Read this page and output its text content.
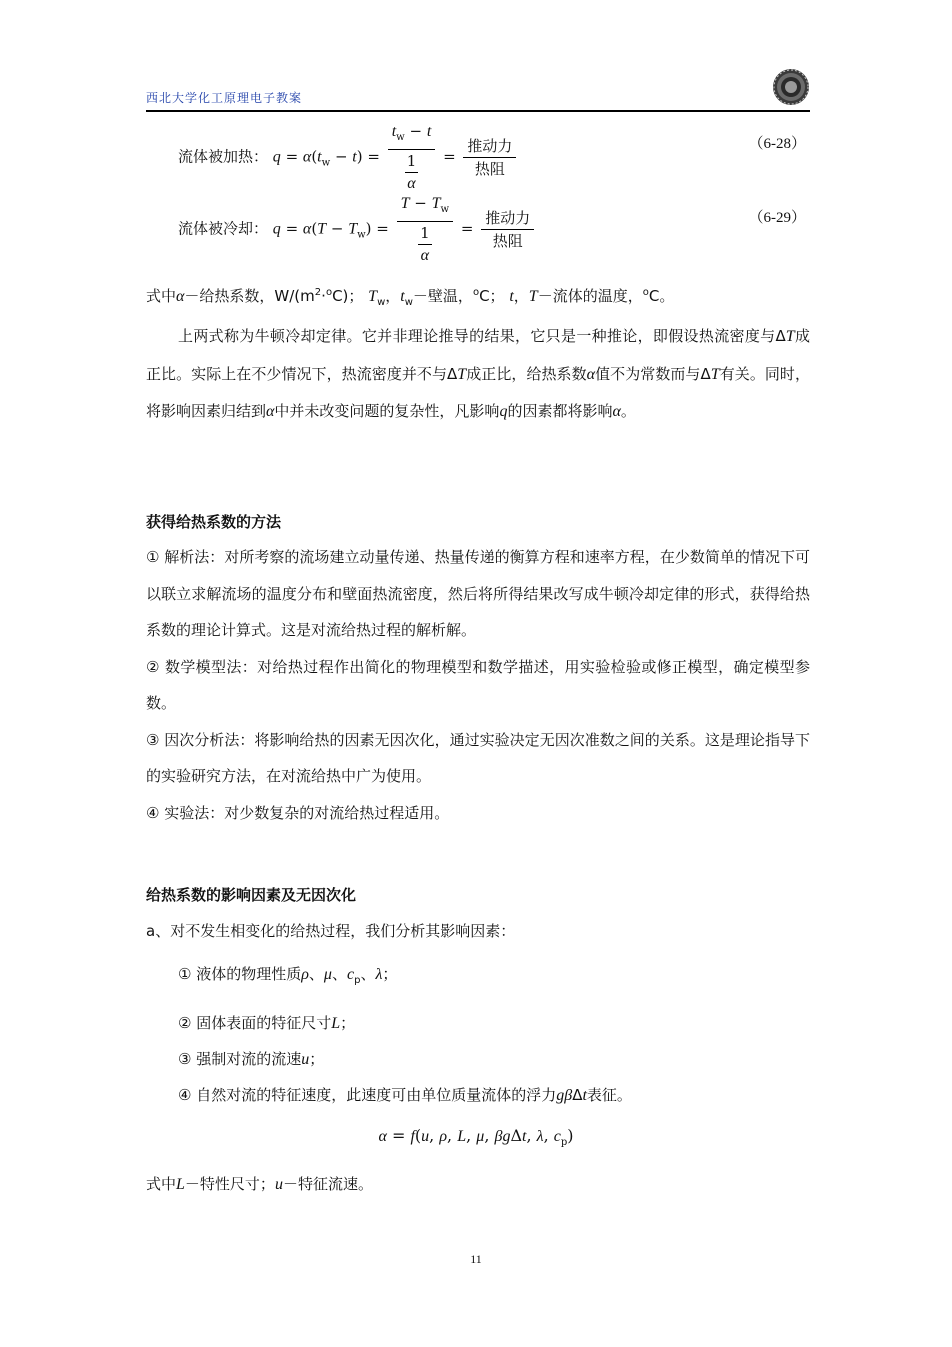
西北大学化工原理电子教案
流体被加热： $q = \alpha(t_w - t) = \frac{t_w - t}{\frac{1}{\alpha}} = \frac{\text{推动力}}{\text{热阻}}$	（6-28）
流体被冷却： $q = \alpha(T - T_w) = \frac{T - T_w}{\frac{1}{\alpha}} = \frac{\text{推动力}}{\text{热阻}}$	（6-29）
式中α－给热系数，$W/(m^2\cdot^oC)$； $T_w$，$t_w-$壁温，$^o$C； t，T－流体的温度，$^o$C。
上两式称为牛顿冷却定律。它并非理论推导的结果，它只是一种推论，即假设热流密度与ΔT成正比。实际上在不少情况下，热流密度并不与ΔT成正比，给热系数α值不为常数而与ΔT有关。同时，将影响因素归结到α中并未改变问题的复杂性，凡影响q的因素都将影响α。
获得给热系数的方法
① 解析法：对所考察的流场建立动量传递、热量传递的衡算方程和速率方程，在少数简单的情况下可以联立求解流场的温度分布和壁面热流密度，然后将所得结果改写成牛顿冷却定律的形式，获得给热系数的理论计算式。这是对流给热过程的解析解。
② 数学模型法：对给热过程作出简化的物理模型和数学描述，用实验检验或修正模型，确定模型参数。
③ 因次分析法：将影响给热的因素无因次化，通过实验决定无因次准数之间的关系。这是理论指导下的实验研究方法，在对流给热中广为使用。
④ 实验法：对少数复杂的对流给热过程适用。
给热系数的影响因素及无因次化
a、对不发生相变化的给热过程，我们分析其影响因素：
① 液体的物理性质ρ、μ、$c_p$、λ；
② 固体表面的特征尺寸L；
③ 强制对流的流速u；
④ 自然对流的特征速度，此速度可由单位质量流体的浮力gβΔt表征。
α = f(u, ρ, L, μ, βgΔt, λ, $c_p$)
式中L－特性尺寸；u－特征流速。
11
